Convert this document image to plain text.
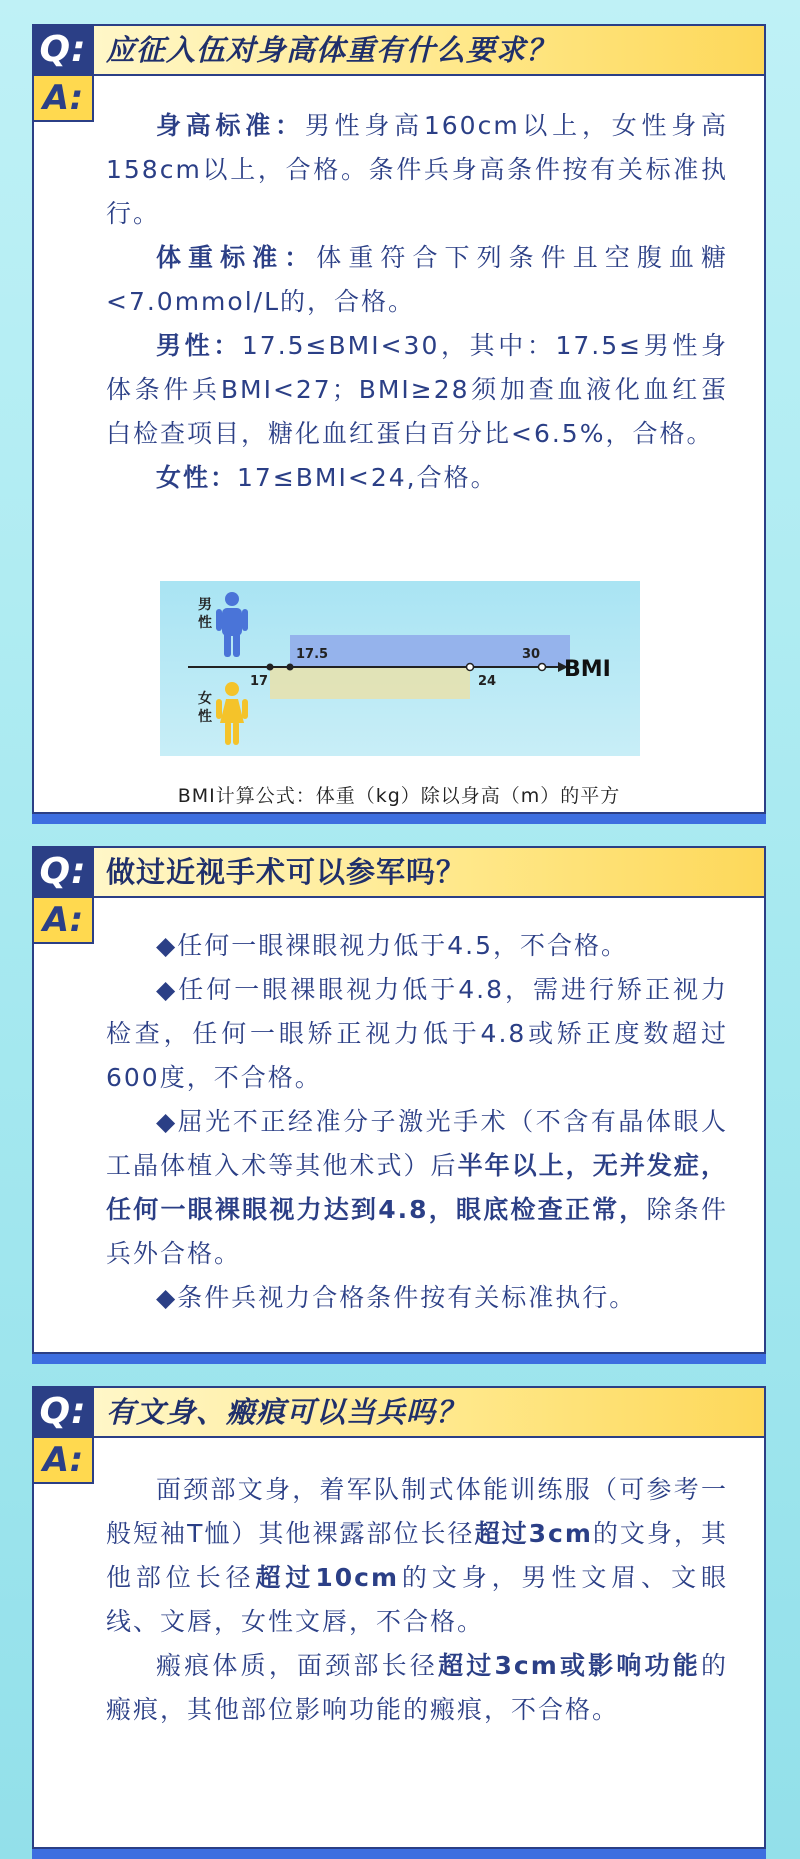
Q: 应征入伍对身高体重有什么要求？
A:

身高标准：男性身高160cm以上，女性身高158cm以上，合格。条件兵身高条件按有关标准执行。

体重标准：体重符合下列条件且空腹血糖<7.0mmol/L的，合格。

男性：17.5≤BMI<30，其中：17.5≤男性身体条件兵BMI<27；BMI≥28须加查血液化血红蛋白检查项目，糖化血红蛋白百分比<6.5%，合格。

女性：17≤BMI<24,合格。

17.5	30
17	24	BMI
男
性
女
性
BMI计算公式：体重（kg）除以身高（m）的平方
Q: 做过近视手术可以参军吗？
A:

◆任何一眼裸眼视力低于4.5，不合格。

◆任何一眼裸眼视力低于4.8，需进行矫正视力检查，任何一眼矫正视力低于4.8或矫正度数超过600度，不合格。

◆屈光不正经准分子激光手术（不含有晶体眼人工晶体植入术等其他术式）后半年以上，无并发症，任何一眼裸眼视力达到4.8，眼底检查正常，除条件兵外合格。

◆条件兵视力合格条件按有关标准执行。

Q: 有文身、瘢痕可以当兵吗？
A:

面颈部文身，着军队制式体能训练服（可参考一般短袖T恤）其他裸露部位长径超过3cm的文身，其他部位长径超过10cm的文身，男性文眉、文眼线、文唇，女性文唇，不合格。

瘢痕体质，面颈部长径超过3cm或影响功能的瘢痕，其他部位影响功能的瘢痕，不合格。
